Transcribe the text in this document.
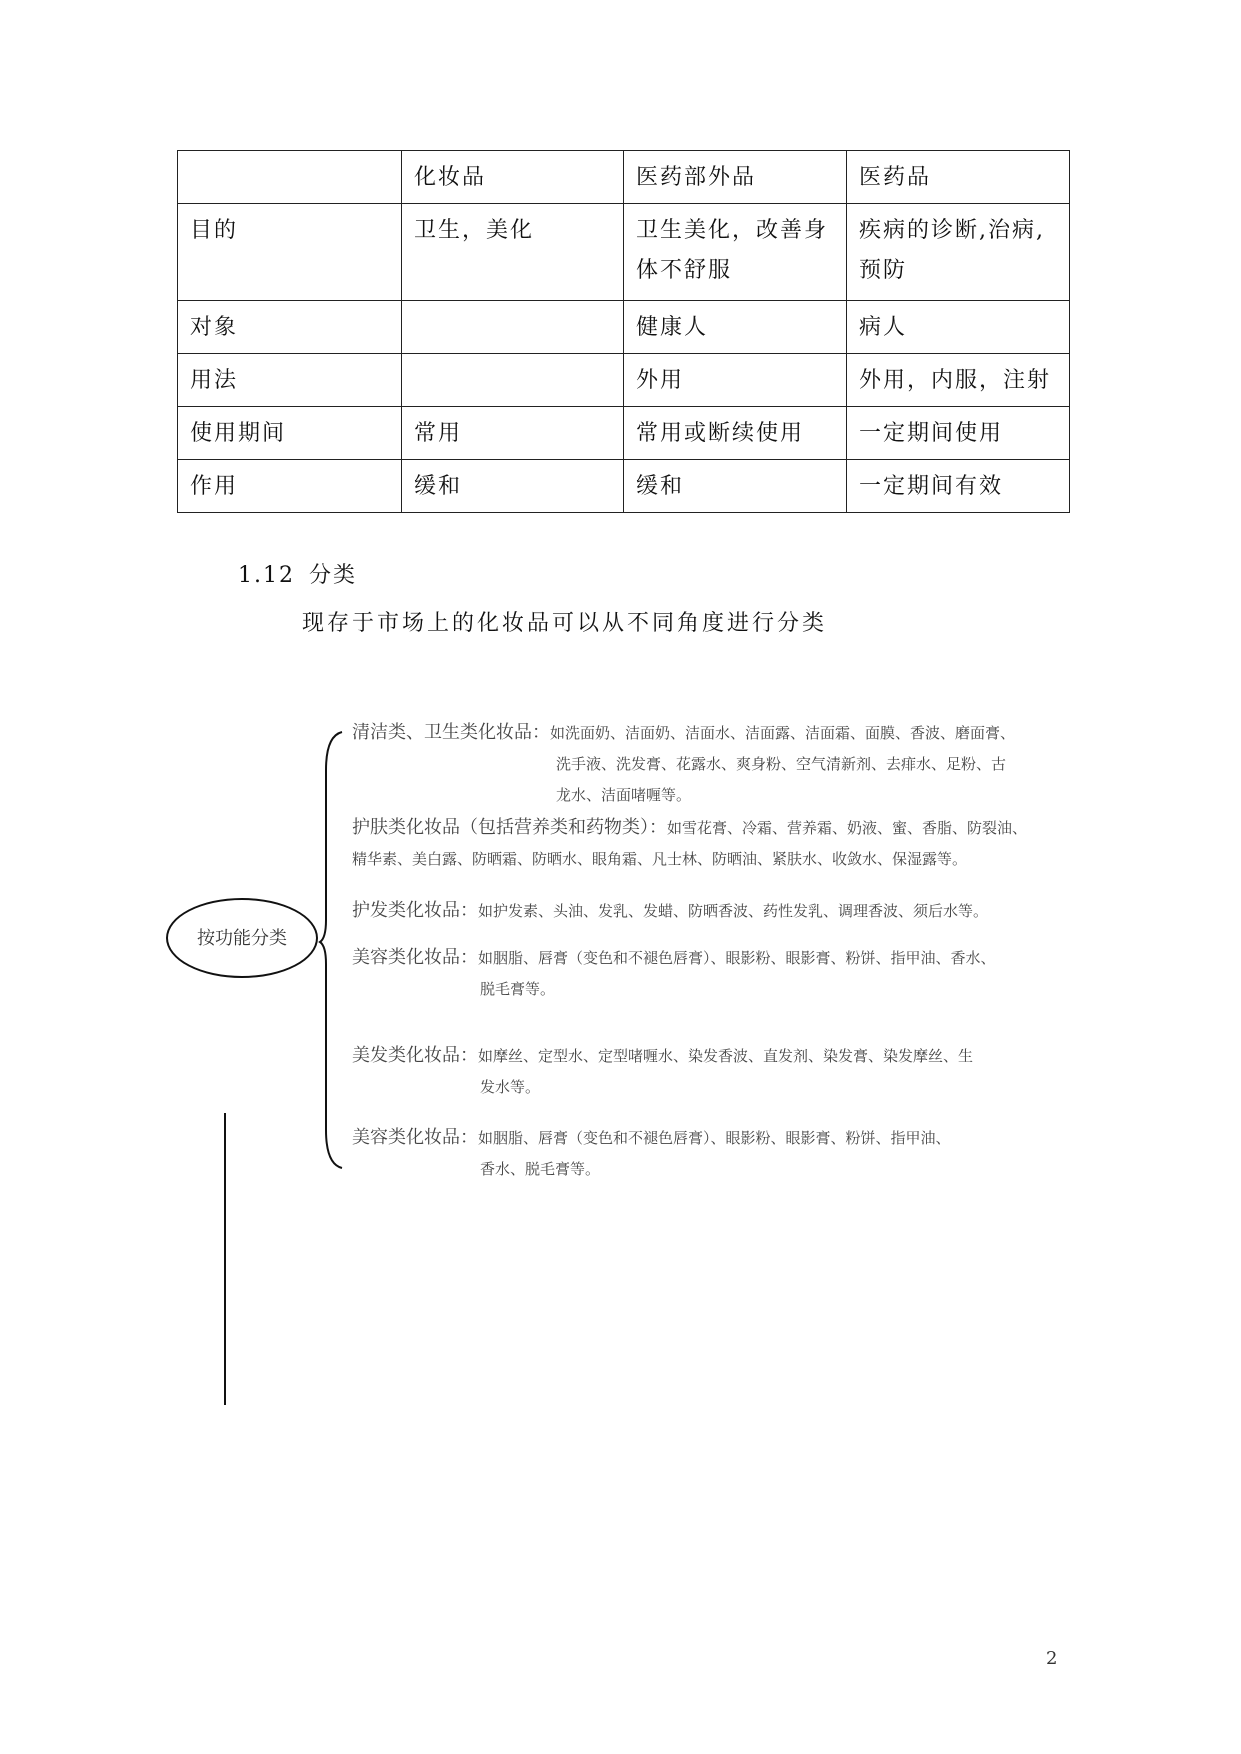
	化妆品	医药部外品	医药品
目的	卫生，美化	卫生美化，改善身体不舒服	疾病的诊断,治病,预防
对象		健康人	病人
用法		外用	外用，内服，注射
使用期间	常用	常用或断续使用	一定期间使用
作用	缓和	缓和	一定期间有效
1.12 分类
现存于市场上的化妆品可以从不同角度进行分类
按功能分类
清洁类、卫生类化妆品：如洗面奶、洁面奶、洁面水、洁面露、洁面霜、面膜、香波、磨面膏、
洗手液、洗发膏、花露水、爽身粉、空气清新剂、去痱水、足粉、古
龙水、洁面啫喱等。
护肤类化妆品（包括营养类和药物类）：如雪花膏、冷霜、营养霜、奶液、蜜、香脂、防裂油、
精华素、美白露、防晒霜、防晒水、眼角霜、凡士林、防晒油、紧肤水、收敛水、保湿露等。
护发类化妆品：如护发素、头油、发乳、发蜡、防晒香波、药性发乳、调理香波、须后水等。
美容类化妆品：如胭脂、唇膏（变色和不褪色唇膏）、眼影粉、眼影膏、粉饼、指甲油、香水、
脱毛膏等。
美发类化妆品：如摩丝、定型水、定型啫喱水、染发香波、直发剂、染发膏、染发摩丝、生
发水等。
美容类化妆品：如胭脂、唇膏（变色和不褪色唇膏）、眼影粉、眼影膏、粉饼、指甲油、
香水、脱毛膏等。
2
